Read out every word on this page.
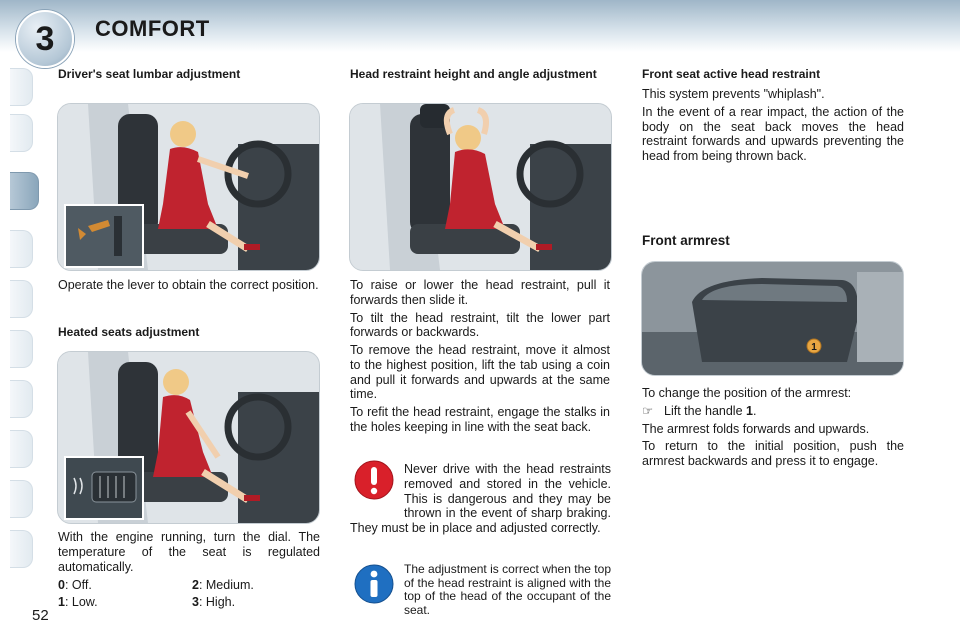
3 COMFORT

Driver's seat lumbar adjustment

Operate the lever to obtain the correct position.

Heated seats adjustment

With the engine running, turn the dial. The temperature of the seat is regulated automatically.

0: Off.	2: Medium.
1: Low.	3: High.
52

Head restraint height and angle adjustment

To raise or lower the head restraint, pull it forwards then slide it.

To tilt the head restraint, tilt the lower part forwards or backwards.

To remove the head restraint, move it almost to the highest position, lift the tab using a coin and pull it forwards and upwards at the same time.

To refit the head restraint, engage the stalks in the holes keeping in line with the seat back.

Never drive with the head restraints removed and stored in the vehicle. This is dangerous and they may be thrown in the event of sharp braking. They must be in place and adjusted correctly.

The adjustment is correct when the top of the head restraint is aligned with the top of the head of the occupant of the seat.

Front seat active head restraint

This system prevents "whiplash".

In the event of a rear impact, the action of the body on the seat back moves the head restraint forwards and upwards preventing the head from being thrown back.

Front armrest

1

To change the position of the armrest:

☞ Lift the handle 1.

The armrest folds forwards and upwards.

To return to the initial position, push the armrest backwards and press it to engage.
